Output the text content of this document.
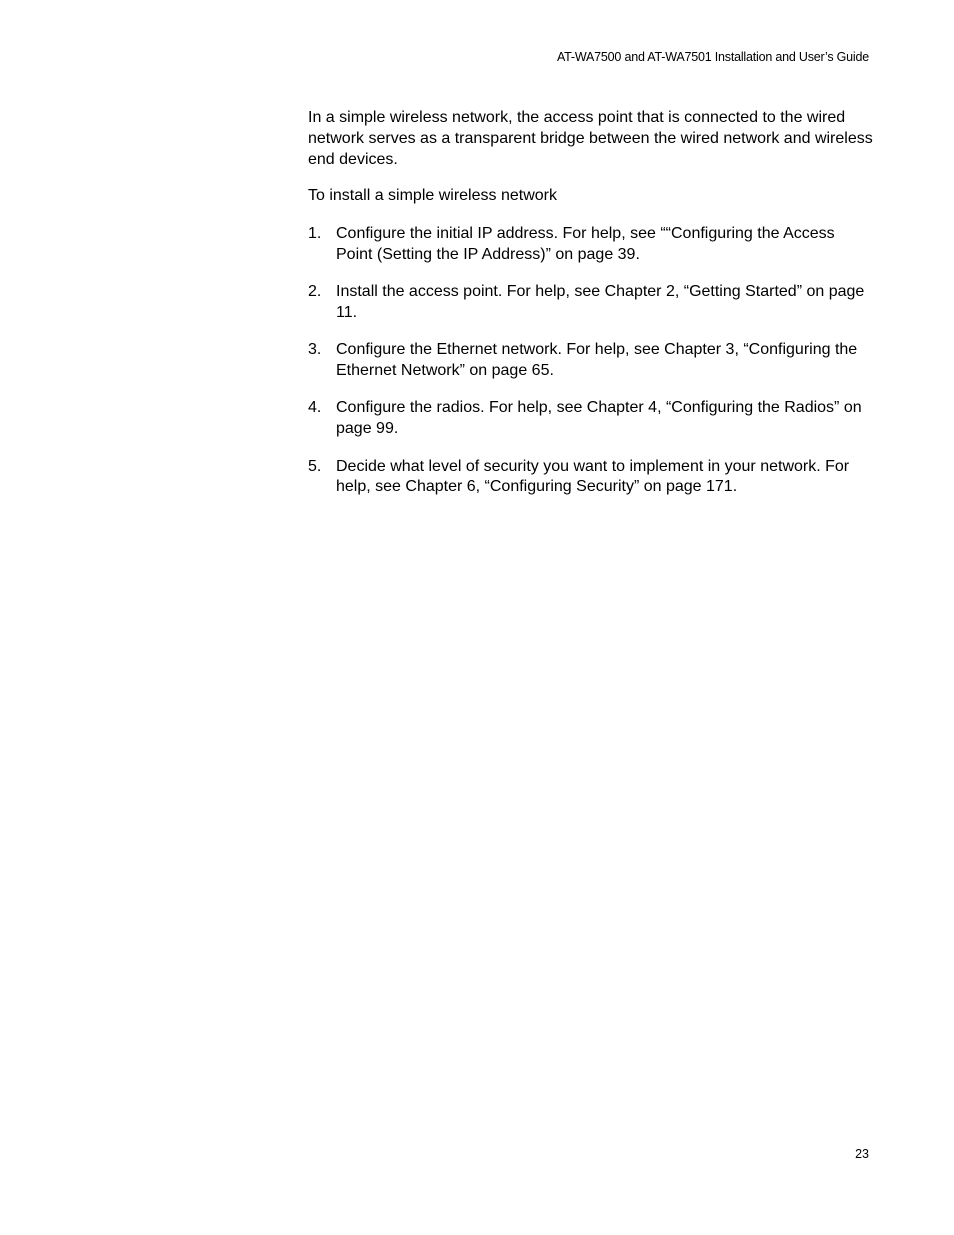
AT-WA7500 and AT-WA7501 Installation and User’s Guide

In a simple wireless network, the access point that is connected to the wired network serves as a transparent bridge between the wired network and wireless end devices.

To install a simple wireless network

1. Configure the initial IP address. For help, see ““Configuring the Access Point (Setting the IP Address)” on page 39.
2. Install the access point. For help, see Chapter 2, “Getting Started” on page 11.
3. Configure the Ethernet network. For help, see Chapter 3, “Configuring the Ethernet Network” on page 65.
4. Configure the radios. For help, see Chapter 4, “Configuring the Radios” on page 99.
5. Decide what level of security you want to implement in your network. For help, see Chapter 6, “Configuring Security” on page 171.
23
